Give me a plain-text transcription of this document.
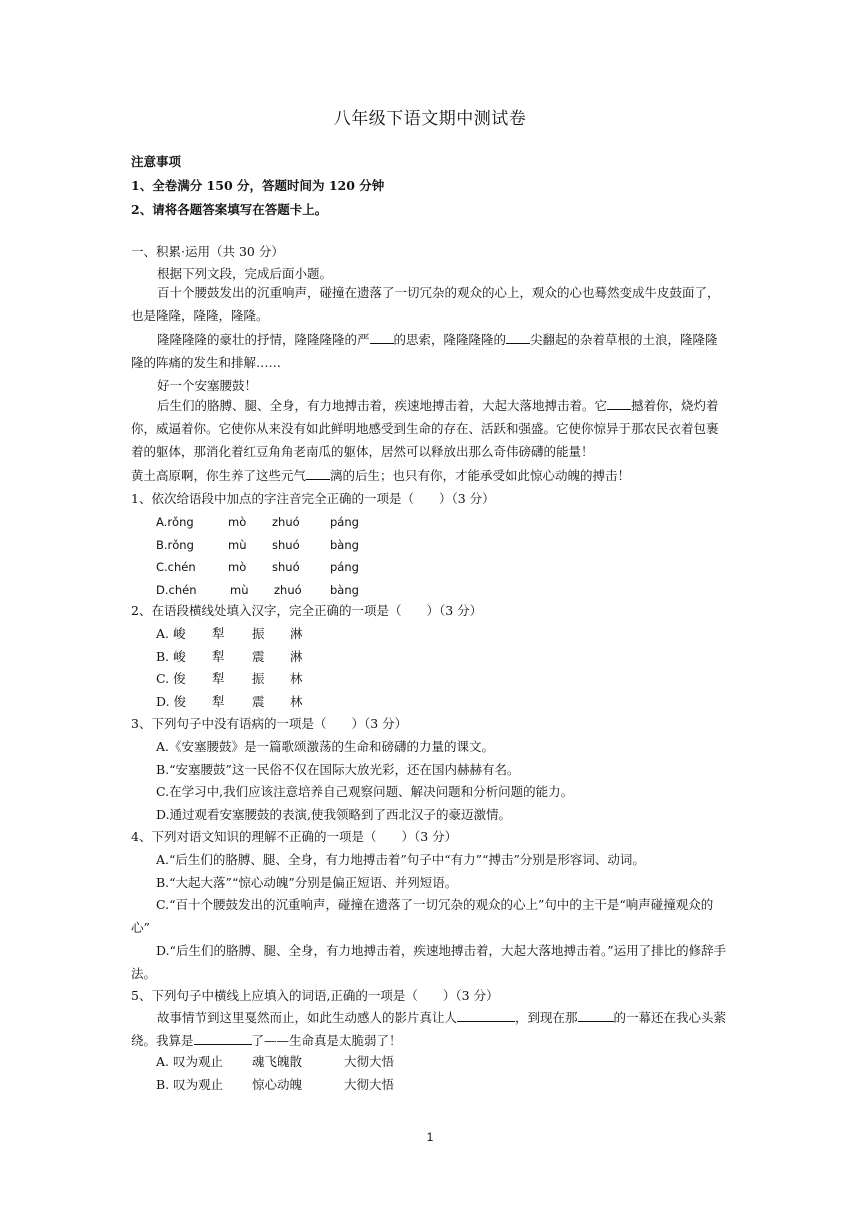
八年级下语文期中测试卷
注意事项
1、全卷满分 150 分，答题时间为 120 分钟
2、请将各题答案填写在答题卡上。
一、积累·运用（共 30 分）
根据下列文段，完成后面小题。
百十个腰鼓发出的沉重响声，碰撞在遗落了一切冗杂的观众的心上，观众的心也蓦然变成牛皮鼓面了，也是隆隆，隆隆，隆隆。
隆隆隆隆的豪壮的抒情，隆隆隆隆的严 的思索，隆隆隆隆的 尖翻起的杂着草根的土浪，隆隆隆隆的阵痛的发生和排解……
好一个安塞腰鼓！
后生们的胳膊、腿、全身，有力地搏击着，疾速地搏击着，大起大落地搏击着。它 撼着你，烧灼着你，威逼着你。它使你从来没有如此鲜明地感受到生命的存在、活跃和强盛。它使你惊异于那农民衣着包裹着的躯体，那消化着红豆角角老南瓜的躯体，居然可以释放出那么奇伟磅礴的能量！
黄土高原啊，你生养了这些元气 漓的后生；也只有你，才能承受如此惊心动魄的搏击！
1、依次给语段中加点的字注音完全正确的一项是（　　）（3 分）
A.rǒng	mò zhuó	páng
B.rǒng	mù shuó	bàng
C.chén	mò shuó	páng
D.chén	mù zhuó bàng
2、在语段横线处填入汉字，完全正确的一项是（　　）（3 分）
A. 峻 犁 振 淋
B. 峻 犁 震 淋
C. 俊 犁 振 林
D. 俊 犁 震 林
3、下列句子中没有语病的一项是（　　）（3 分）
A.《安塞腰鼓》是一篇歌颂激荡的生命和磅礴的力量的课文。
B.“安塞腰鼓”这一民俗不仅在国际大放光彩，还在国内赫赫有名。
C.在学习中,我们应该注意培养自己观察问题、解决问题和分析问题的能力。
D.通过观看安塞腰鼓的表演,使我领略到了西北汉子的豪迈激情。
4、下列对语文知识的理解不正确的一项是（　　）（3 分）
A.“后生们的胳膊、腿、全身，有力地搏击着”句子中“有力”“搏击”分别是形容词、动词。
B.“大起大落”“惊心动魄”分别是偏正短语、并列短语。
C.“百十个腰鼓发出的沉重响声，碰撞在遗落了一切冗杂的观众的心上”句中的主干是“响声碰撞观众的心”
D.“后生们的胳膊、腿、全身，有力地搏击着，疾速地搏击着，大起大落地搏击着。”运用了排比的修辞手法。
5、下列句子中横线上应填入的词语,正确的一项是（　　）（3 分）
故事情节到这里戛然而止，如此生动感人的影片真让人	，到现在那	的一幕还在我心头萦绕。我算是	了——生命真是太脆弱了！
A. 叹为观止 魂飞魄散	大彻大悟
B. 叹为观止 惊心动魄	大彻大悟
1
